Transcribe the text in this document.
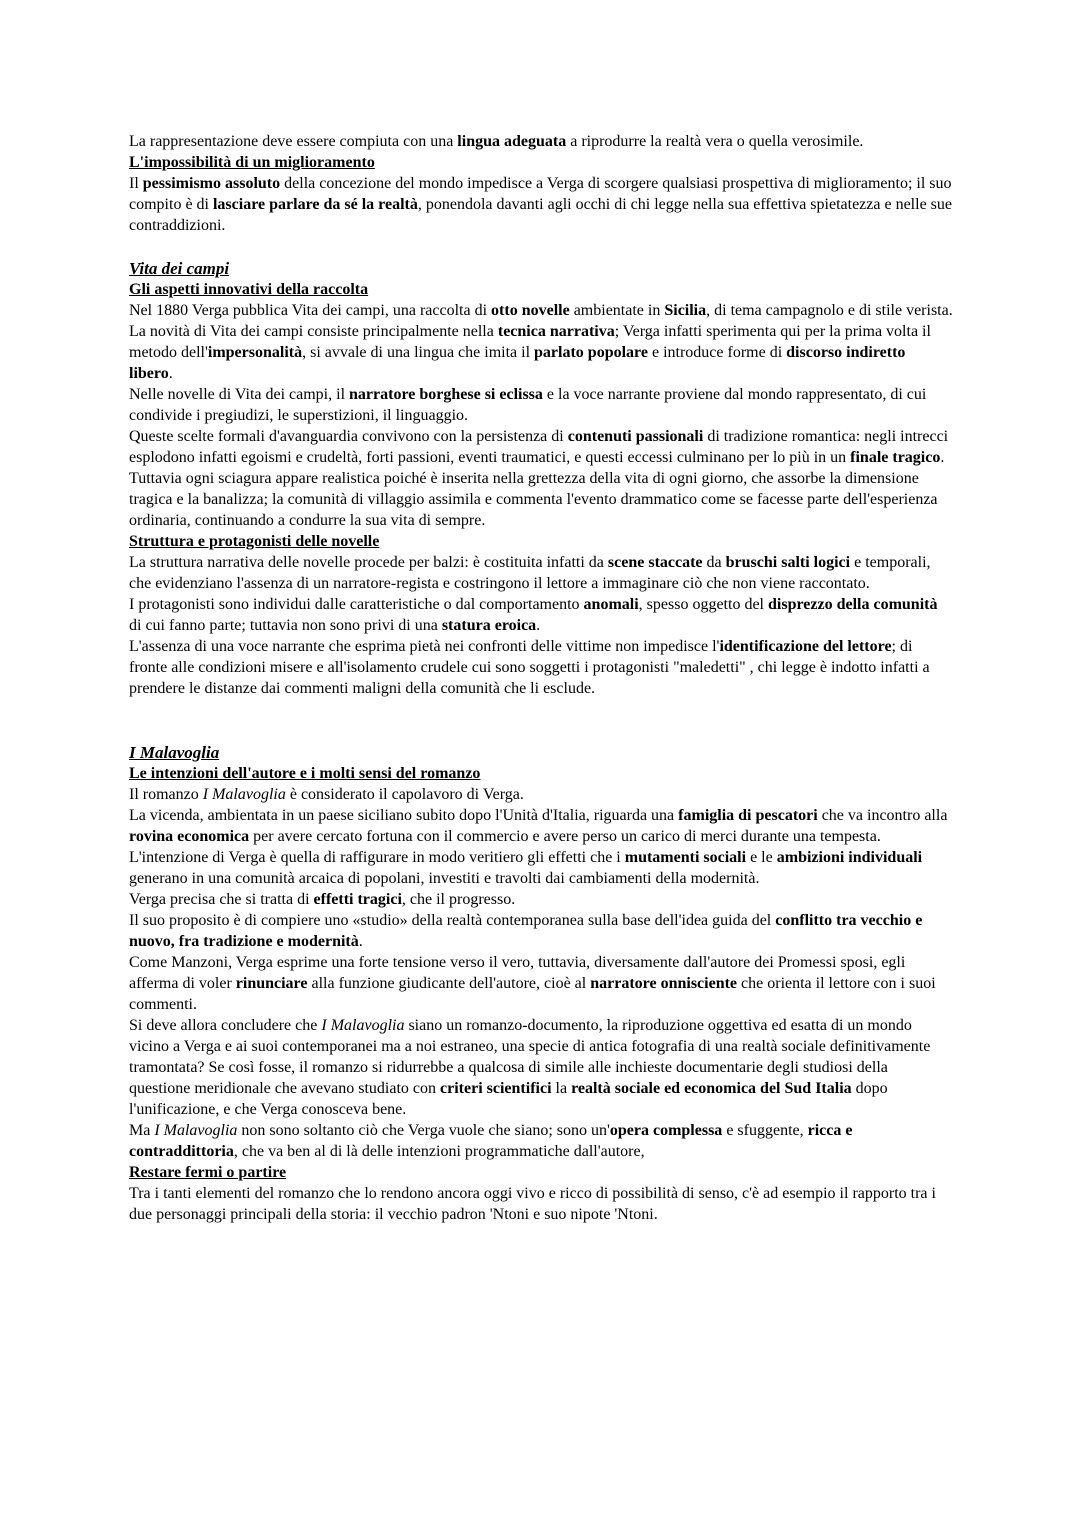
La rappresentazione deve essere compiuta con una lingua adeguata a riprodurre la realtà vera o quella verosimile.
L'impossibilità di un miglioramento
Il pessimismo assoluto della concezione del mondo impedisce a Verga di scorgere qualsiasi prospettiva di miglioramento; il suo compito è di lasciare parlare da sé la realtà, ponendola davanti agli occhi di chi legge nella sua effettiva spietatezza e nelle sue contraddizioni.
Vita dei campi
Gli aspetti innovativi della raccolta
Nel 1880 Verga pubblica Vita dei campi, una raccolta di otto novelle ambientate in Sicilia, di tema campagnolo e di stile verista.
La novità di Vita dei campi consiste principalmente nella tecnica narrativa; Verga infatti sperimenta qui per la prima volta il metodo dell'impersonalità, si avvale di una lingua che imita il parlato popolare e introduce forme di discorso indiretto libero.
Nelle novelle di Vita dei campi, il narratore borghese si eclissa e la voce narrante proviene dal mondo rappresentato, di cui condivide i pregiudizi, le superstizioni, il linguaggio.
Queste scelte formali d'avanguardia convivono con la persistenza di contenuti passionali di tradizione romantica: negli intrecci esplodono infatti egoismi e crudeltà, forti passioni, eventi traumatici, e questi eccessi culminano per lo più in un finale tragico.
Tuttavia ogni sciagura appare realistica poiché è inserita nella grettezza della vita di ogni giorno, che assorbe la dimensione tragica e la banalizza; la comunità di villaggio assimila e commenta l'evento drammatico come se facesse parte dell'esperienza ordinaria, continuando a condurre la sua vita di sempre.
Struttura e protagonisti delle novelle
La struttura narrativa delle novelle procede per balzi: è costituita infatti da scene staccate da bruschi salti logici e temporali, che evidenziano l'assenza di un narratore-regista e costringono il lettore a immaginare ciò che non viene raccontato.
I protagonisti sono individui dalle caratteristiche o dal comportamento anomali, spesso oggetto del disprezzo della comunità di cui fanno parte; tuttavia non sono privi di una statura eroica.
L'assenza di una voce narrante che esprima pietà nei confronti delle vittime non impedisce l'identificazione del lettore; di fronte alle condizioni misere e all'isolamento crudele cui sono soggetti i protagonisti "maledetti" , chi legge è indotto infatti a prendere le distanze dai commenti maligni della comunità che li esclude.
I Malavoglia
Le intenzioni dell'autore e i molti sensi del romanzo
Il romanzo I Malavoglia è considerato il capolavoro di Verga.
La vicenda, ambientata in un paese siciliano subito dopo l'Unità d'Italia, riguarda una famiglia di pescatori che va incontro alla rovina economica per avere cercato fortuna con il commercio e avere perso un carico di merci durante una tempesta.
L'intenzione di Verga è quella di raffigurare in modo veritiero gli effetti che i mutamenti sociali e le ambizioni individuali generano in una comunità arcaica di popolani, investiti e travolti dai cambiamenti della modernità.
Verga precisa che si tratta di effetti tragici, che il progresso.
Il suo proposito è di compiere uno «studio» della realtà contemporanea sulla base dell'idea guida del conflitto tra vecchio e nuovo, fra tradizione e modernità.
Come Manzoni, Verga esprime una forte tensione verso il vero, tuttavia, diversamente dall'autore dei Promessi sposi, egli afferma di voler rinunciare alla funzione giudicante dell'autore, cioè al narratore onnisciente che orienta il lettore con i suoi commenti.
Si deve allora concludere che I Malavoglia siano un romanzo-documento, la riproduzione oggettiva ed esatta di un mondo vicino a Verga e ai suoi contemporanei ma a noi estraneo, una specie di antica fotografia di una realtà sociale definitivamente tramontata? Se così fosse, il romanzo si ridurrebbe a qualcosa di simile alle inchieste documentarie degli studiosi della questione meridionale che avevano studiato con criteri scientifici la realtà sociale ed economica del Sud Italia dopo l'unificazione, e che Verga conosceva bene.
Ma I Malavoglia non sono soltanto ciò che Verga vuole che siano; sono un'opera complessa e sfuggente, ricca e contraddittoria, che va ben al di là delle intenzioni programmatiche dall'autore,
Restare fermi o partire
Tra i tanti elementi del romanzo che lo rendono ancora oggi vivo e ricco di possibilità di senso, c'è ad esempio il rapporto tra i due personaggi principali della storia: il vecchio padron 'Ntoni e suo nipote 'Ntoni.
